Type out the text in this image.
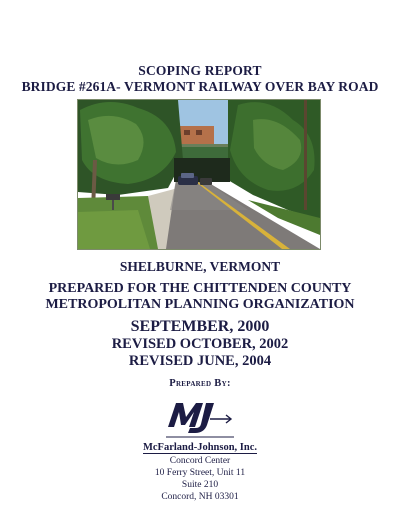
SCOPING REPORT
BRIDGE #261A- VERMONT RAILWAY OVER BAY ROAD
SHELBURNE, VERMONT
PREPARED FOR THE CHITTENDEN COUNTY
METROPOLITAN PLANNING ORGANIZATION
SEPTEMBER, 2000
REVISED OCTOBER, 2002
REVISED JUNE, 2004
Prepared By:
McFarland-Johnson, Inc.
Concord Center
10 Ferry Street, Unit 11
Suite 210
Concord, NH 03301
